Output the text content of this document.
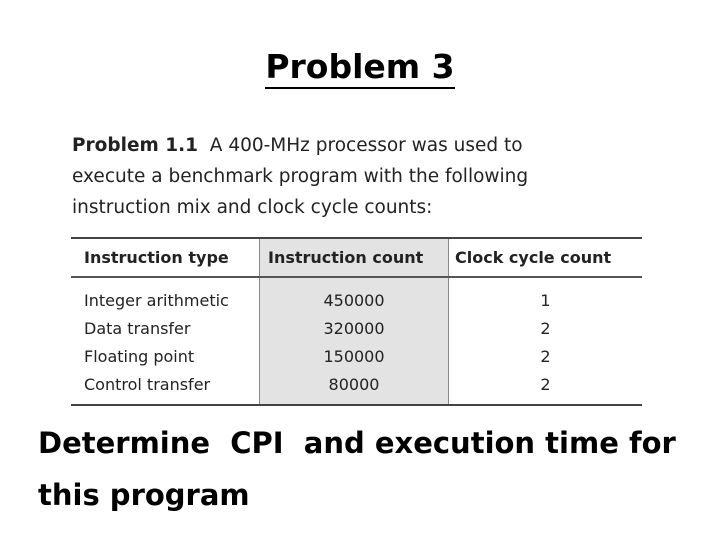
Problem 3
Problem 1.1 A 400-MHz processor was used to
execute a benchmark program with the following
instruction mix and clock cycle counts:
Instruction type	Instruction count	Clock cycle count
Integer arithmetic	450000	1
Data transfer	320000	2
Floating point	150000	2
Control transfer	80000	2
Determine  CPI  and execution time for
this program
